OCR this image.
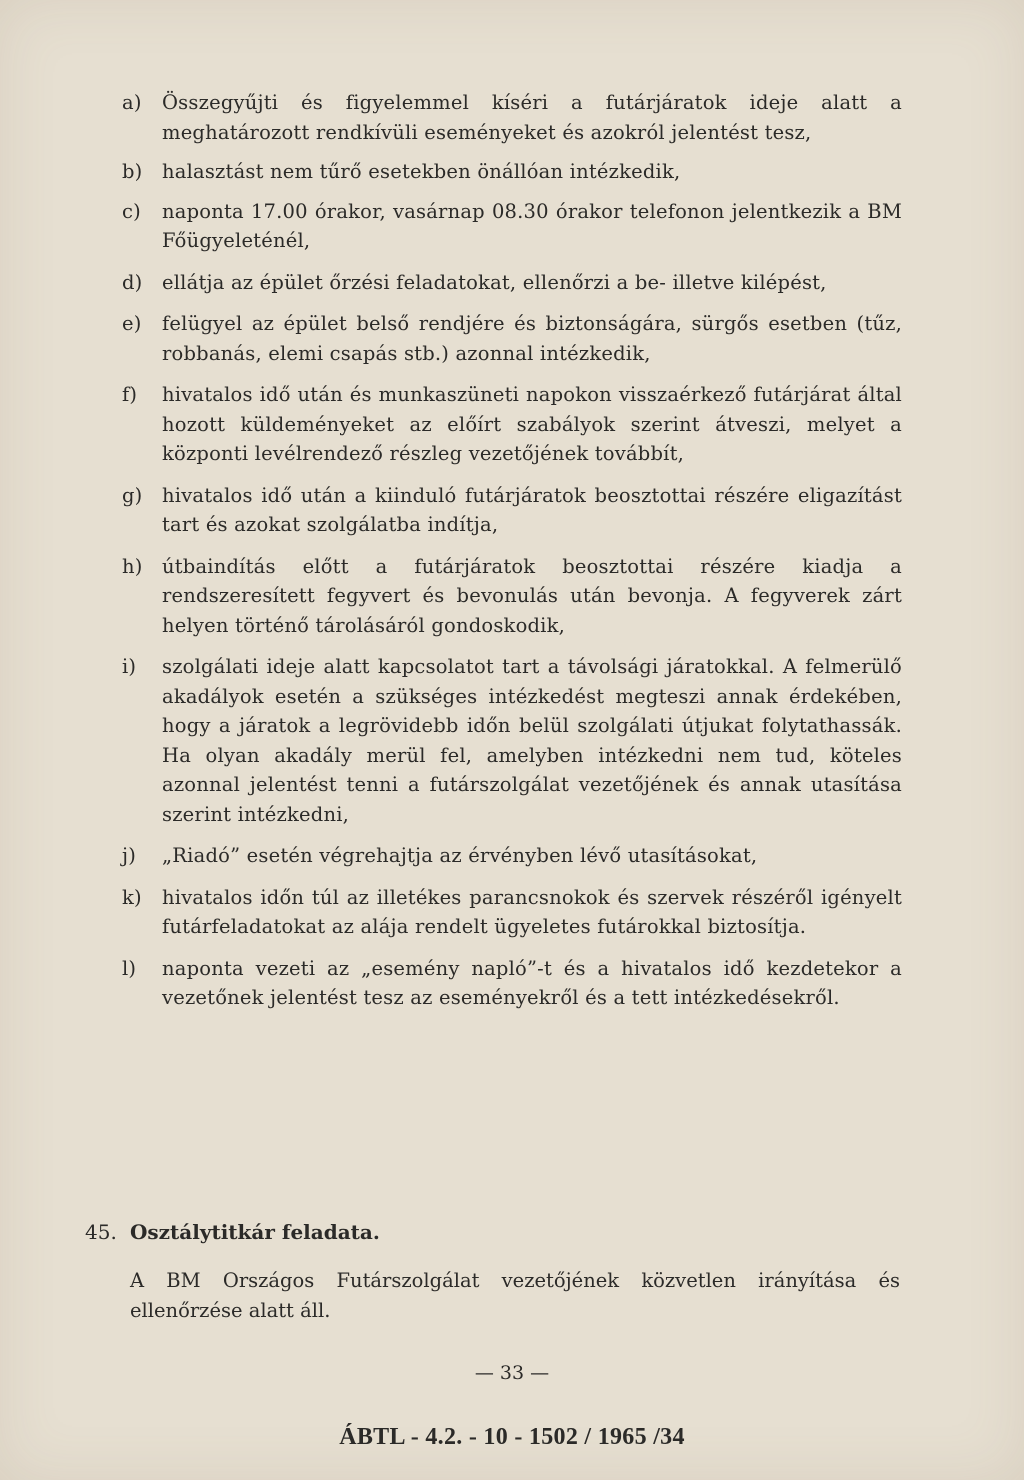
a)	Összegyűjti és figyelemmel kíséri a futárjáratok ideje alatt a meghatározott rendkívüli eseményeket és azokról jelentést tesz,
b)	halasztást nem tűrő esetekben önállóan intézkedik,
c)	naponta 17.00 órakor, vasárnap 08.30 órakor telefonon jelentkezik a BM Főügyeleténél,
d)	ellátja az épület őrzési feladatokat, ellenőrzi a be- illetve kilépést,
e)	felügyel az épület belső rendjére és biztonságára, sürgős esetben (tűz, robbanás, elemi csapás stb.) azonnal intézkedik,
f)	hivatalos idő után és munkaszüneti napokon visszaérkező futárjárat által hozott küldeményeket az előírt szabályok szerint átveszi, melyet a központi levélrendező részleg vezetőjének továbbít,
g)	hivatalos idő után a kiinduló futárjáratok beosztottai részére eligazítást tart és azokat szolgálatba indítja,
h) útbaindítás előtt a futárjáratok beosztottai részére kiadja a rendszeresített fegyvert és bevonulás után bevonja. A fegyverek zárt helyen történő tárolásáról gondoskodik,
i)	szolgálati ideje alatt kapcsolatot tart a távolsági járatokkal. A felmerülő akadályok esetén a szükséges intézkedést megteszi annak érdekében, hogy a járatok a legrövidebb időn belül szolgálati útjukat folytathassák. Ha olyan akadály merül fel, amelyben intézkedni nem tud, köteles azonnal jelentést tenni a futárszolgálat vezetőjének és annak utasítása szerint intézkedni,
j)	„Riadó” esetén végrehajtja az érvényben lévő utasításokat,
k)	hivatalos időn túl az illetékes parancsnokok és szervek részéről igényelt futárfeladatokat az alája rendelt ügyeletes futárokkal biztosítja.
l)	naponta vezeti az „esemény napló”-t és a hivatalos idő kezdetekor a vezetőnek jelentést tesz az eseményekről és a tett intézkedésekről.
45. Osztálytitkár feladata.
A BM Országos Futárszolgálat vezetőjének közvetlen irányítása és ellenőrzése alatt áll.
— 33 —
ÁBTL - 4.2. - 10 - 1502 / 1965 /34
